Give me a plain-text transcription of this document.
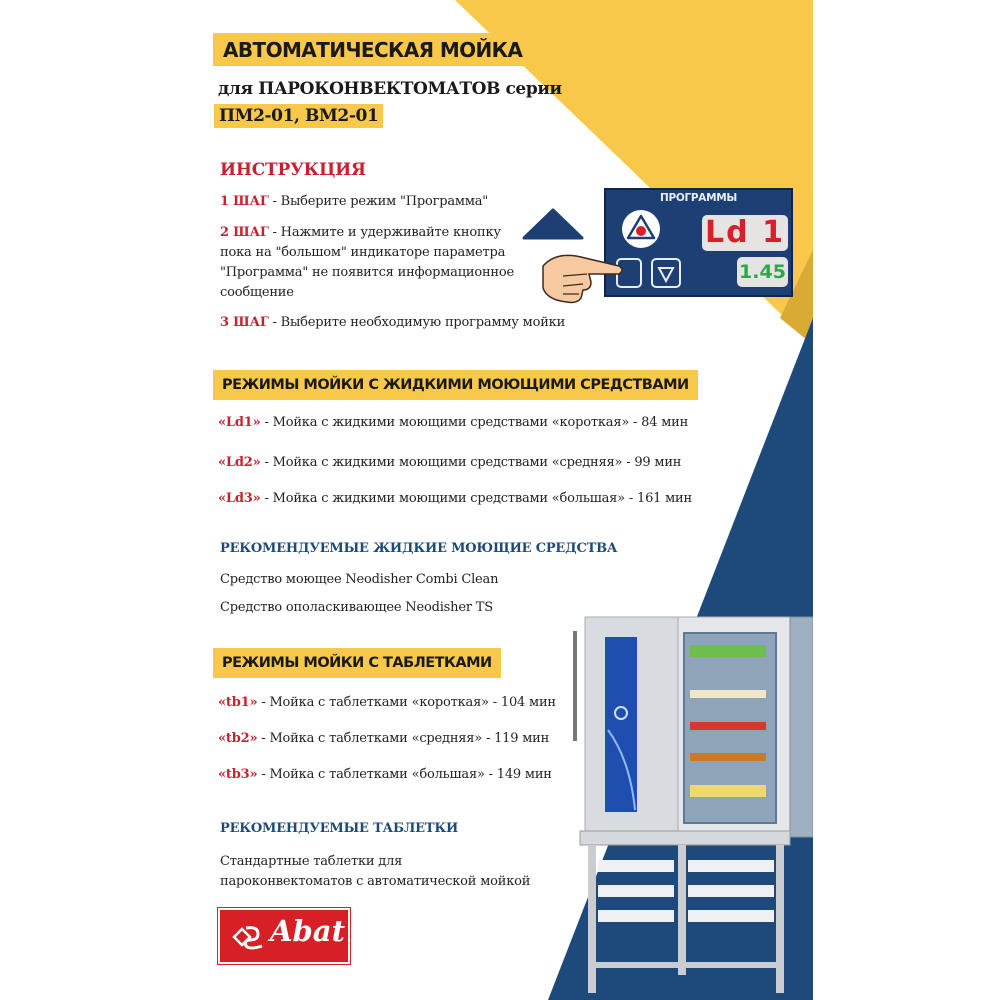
АВТОМАТИЧЕСКАЯ МОЙКА
для ПАРОКОНВЕКТОМАТОВ серии
ПМ2-01, ВМ2-01
ИНСТРУКЦИЯ
1 ШАГ - Выберите режим "Программа"
2 ШАГ - Нажмите и удерживайте кнопку
пока на "большом" индикаторе параметра
"Программа" не появится информационное
сообщение
3 ШАГ - Выберите необходимую программу мойки
ПРОГРАММЫ
Ld 1
1.45
РЕЖИМЫ МОЙКИ С ЖИДКИМИ МОЮЩИМИ СРЕДСТВАМИ
«Ld1» - Мойка с жидкими моющими средствами «короткая» - 84 мин
«Ld2» - Мойка с жидкими моющими средствами «средняя» - 99 мин
«Ld3» - Мойка с жидкими моющими средствами «большая» - 161 мин
РЕКОМЕНДУЕМЫЕ ЖИДКИЕ МОЮЩИЕ СРЕДСТВА
Средство моющее Neodisher Combi Clean
Средство ополаскивающее Neodisher TS
РЕЖИМЫ МОЙКИ С ТАБЛЕТКАМИ
«tb1» - Мойка с таблетками «короткая» - 104 мин
«tb2» - Мойка с таблетками «средняя» - 119 мин
«tb3» - Мойка с таблетками «большая» - 149 мин
РЕКОМЕНДУЕМЫЕ ТАБЛЕТКИ
Стандартные таблетки для
пароконвектоматов с автоматической мойкой
Abat
